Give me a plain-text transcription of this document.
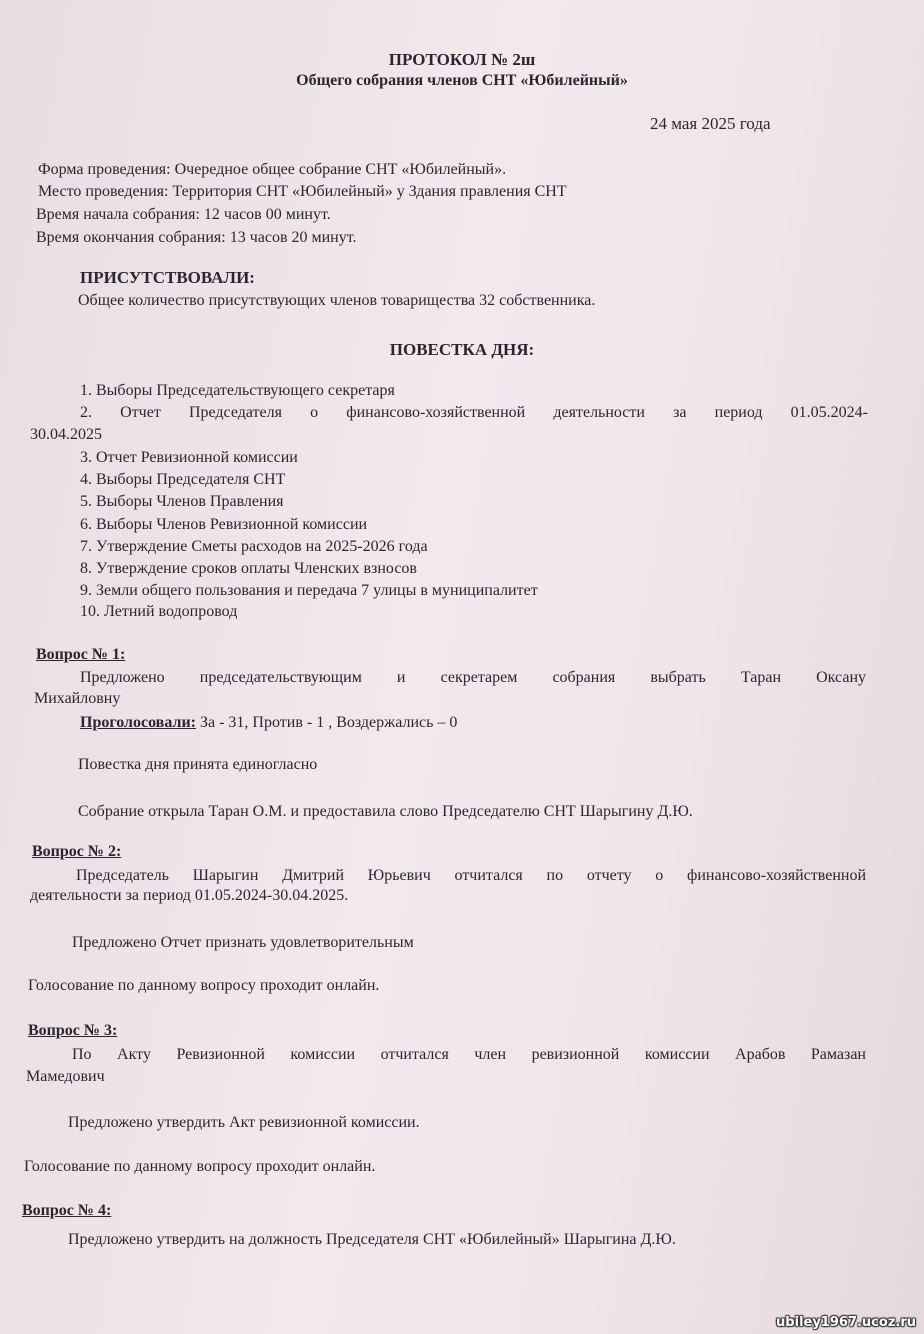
ПРОТОКОЛ № 2ш
Общего собрания членов СНТ «Юбилейный»
24 мая 2025 года
Форма проведения: Очередное общее собрание СНТ «Юбилейный».
Место проведения: Территория СНТ «Юбилейный» у Здания правления СНТ
Время начала собрания: 12 часов 00 минут.
Время окончания собрания: 13 часов 20 минут.
ПРИСУТСТВОВАЛИ:
Общее количество присутствующих членов товарищества 32 собственника.
ПОВЕСТКА ДНЯ:
1. Выборы Председательствующего секретаря
2. Отчет Председателя о финансово-хозяйственной деятельности за период 01.05.2024-
30.04.2025
3. Отчет Ревизионной комиссии
4. Выборы Председателя СНТ
5. Выборы Членов Правления
6. Выборы Членов Ревизионной комиссии
7. Утверждение Сметы расходов на 2025-2026 года
8. Утверждение сроков оплаты Членских взносов
9. Земли общего пользования и передача 7 улицы в муниципалитет
10. Летний водопровод
Вопрос № 1:
Предложено председательствующим и секретарем собрания выбрать Таран Оксану
Михайловну
Проголосовали: За - 31, Против - 1 , Воздержались – 0
Повестка дня принята единогласно
Собрание открыла Таран О.М. и предоставила слово Председателю СНТ Шарыгину Д.Ю.
Вопрос № 2:
Председатель Шарыгин Дмитрий Юрьевич отчитался по отчету о финансово-хозяйственной
деятельности за период 01.05.2024-30.04.2025.
Предложено Отчет признать удовлетворительным
Голосование по данному вопросу проходит онлайн.
Вопрос № 3:
По Акту Ревизионной комиссии отчитался член ревизионной комиссии Арабов Рамазан
Мамедович
Предложено утвердить Акт ревизионной комиссии.
Голосование по данному вопросу проходит онлайн.
Вопрос № 4:
Предложено утвердить на должность Председателя СНТ «Юбилейный» Шарыгина Д.Ю.
ubiley1967.ucoz.ru
